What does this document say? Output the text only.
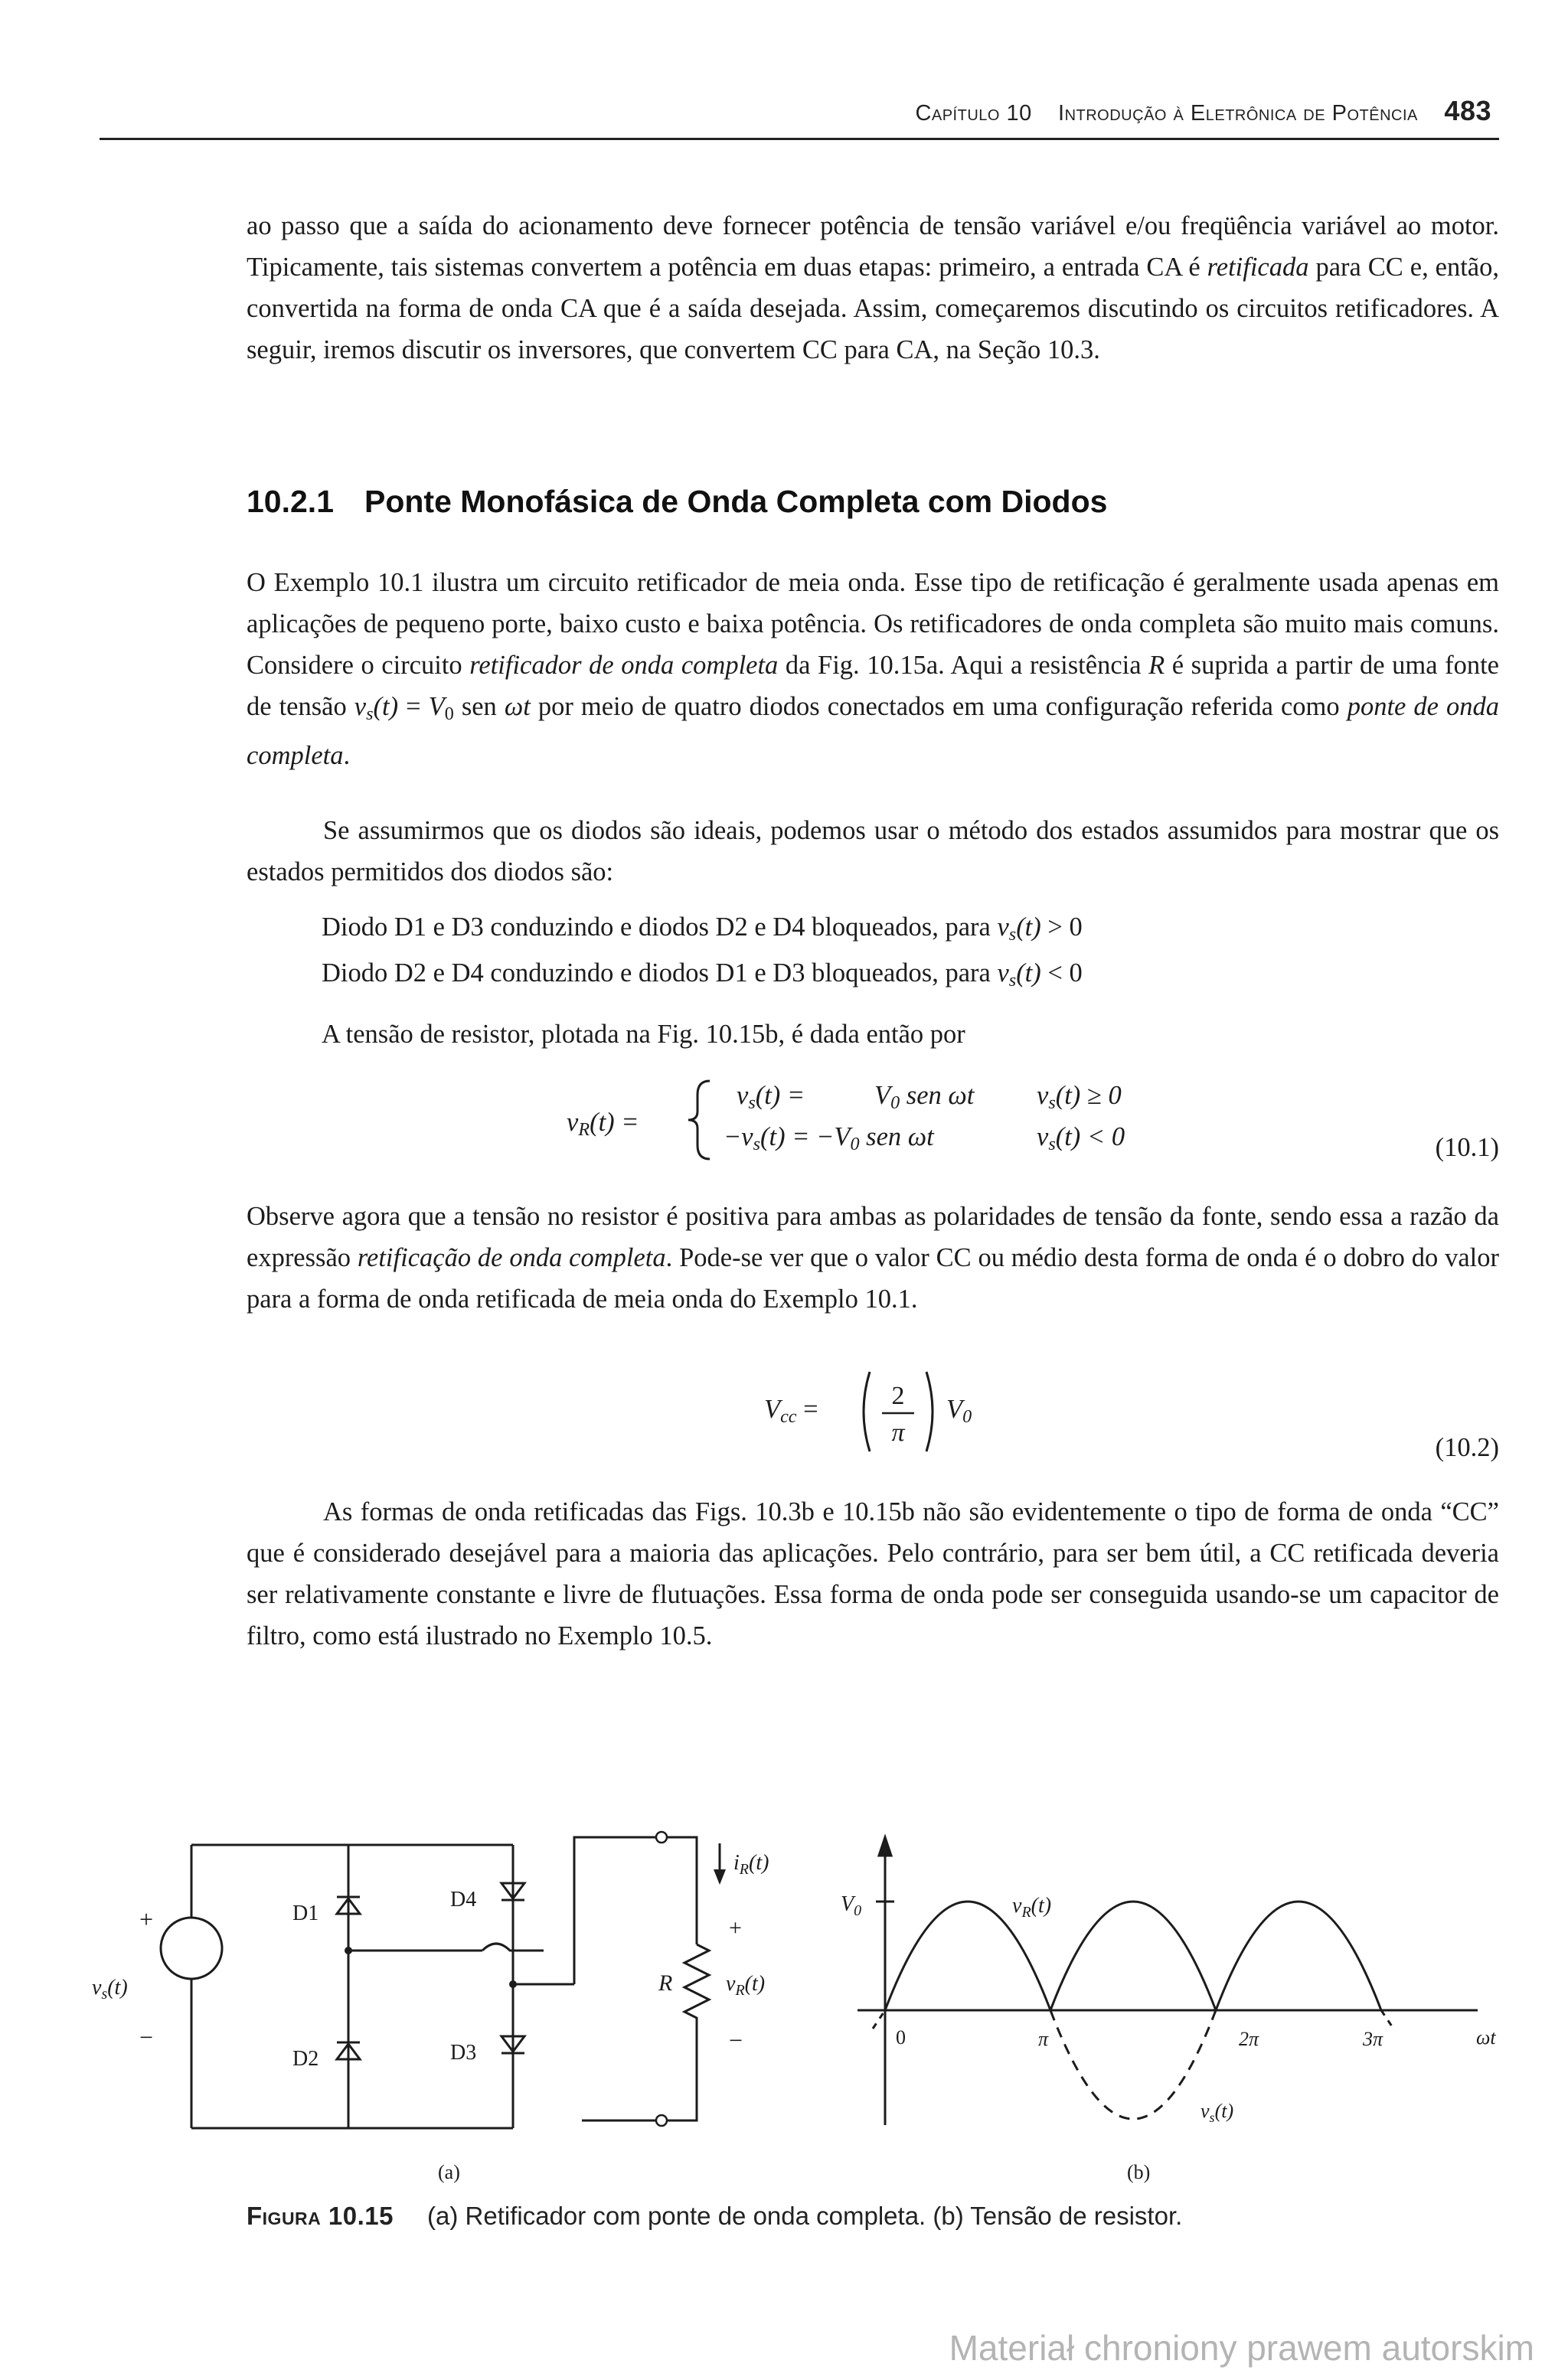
Capítulo 10 Introdução à Eletrônica de Potência 483

ao passo que a saída do acionamento deve fornecer potência de tensão variável e/ou freqüência variável ao motor. Tipicamente, tais sistemas convertem a potência em duas etapas: primeiro, a entrada CA é retificada para CC e, então, convertida na forma de onda CA que é a saída desejada. Assim, começaremos discutindo os circuitos retificadores. A seguir, iremos discutir os inversores, que convertem CC para CA, na Seção 10.3.

10.2.1 Ponte Monofásica de Onda Completa com Diodos

O Exemplo 10.1 ilustra um circuito retificador de meia onda. Esse tipo de retificação é geralmente usada apenas em aplicações de pequeno porte, baixo custo e baixa potência. Os retificadores de onda completa são muito mais comuns. Considere o circuito retificador de onda completa da Fig. 10.15a. Aqui a resistência R é suprida a partir de uma fonte de tensão $v_s(t) = V_0$ sen ωt por meio de quatro diodos conectados em uma configuração referida como ponte de onda completa.

Se assumirmos que os diodos são ideais, podemos usar o método dos estados assumidos para mostrar que os estados permitidos dos diodos são:

Diodo D1 e D3 conduzindo e diodos D2 e D4 bloqueados, para $v_s(t) > 0$
Diodo D2 e D4 conduzindo e diodos D1 e D3 bloqueados, para $v_s(t) < 0$
A tensão de resistor, plotada na Fig. 10.15b, é dada então por
$v_R(t)$ =
$v_s(t)$ =	$V_0$ sen ωt $v_s(t) \ge 0$
$-v_s(t) = -V_0$ sen ωt	$v_s(t) < 0$	(10.1)

Observe agora que a tensão no resistor é positiva para ambas as polaridades de tensão da fonte, sendo essa a razão da expressão retificação de onda completa. Pode-se ver que o valor CC ou médio desta forma de onda é o dobro do valor para a forma de onda retificada de meia onda do Exemplo 10.1.

$V_{cc}$ =	2
π
$V_0$
(10.2)

As formas de onda retificadas das Figs. 10.3b e 10.15b não são evidentemente o tipo de forma de onda “CC” que é considerado desejável para a maioria das aplicações. Pelo contrário, para ser bem útil, a CC retificada deveria ser relativamente constante e livre de flutuações. Essa forma de onda pode ser conseguida usando-se um capacitor de filtro, como está ilustrado no Exemplo 10.5.

+
−
$v_s(t)$
D1
D2
D4
D3
$i_R(t)$
+
R $v_R(t)$
−
(a)
$V_0$	$v_R(t)$
0	π	2π	3π	ωt
$v_s(t)$
(b)
Figura 10.15 (a) Retificador com ponte de onda completa. (b) Tensão de resistor.
Materiał chroniony prawem autorskim
